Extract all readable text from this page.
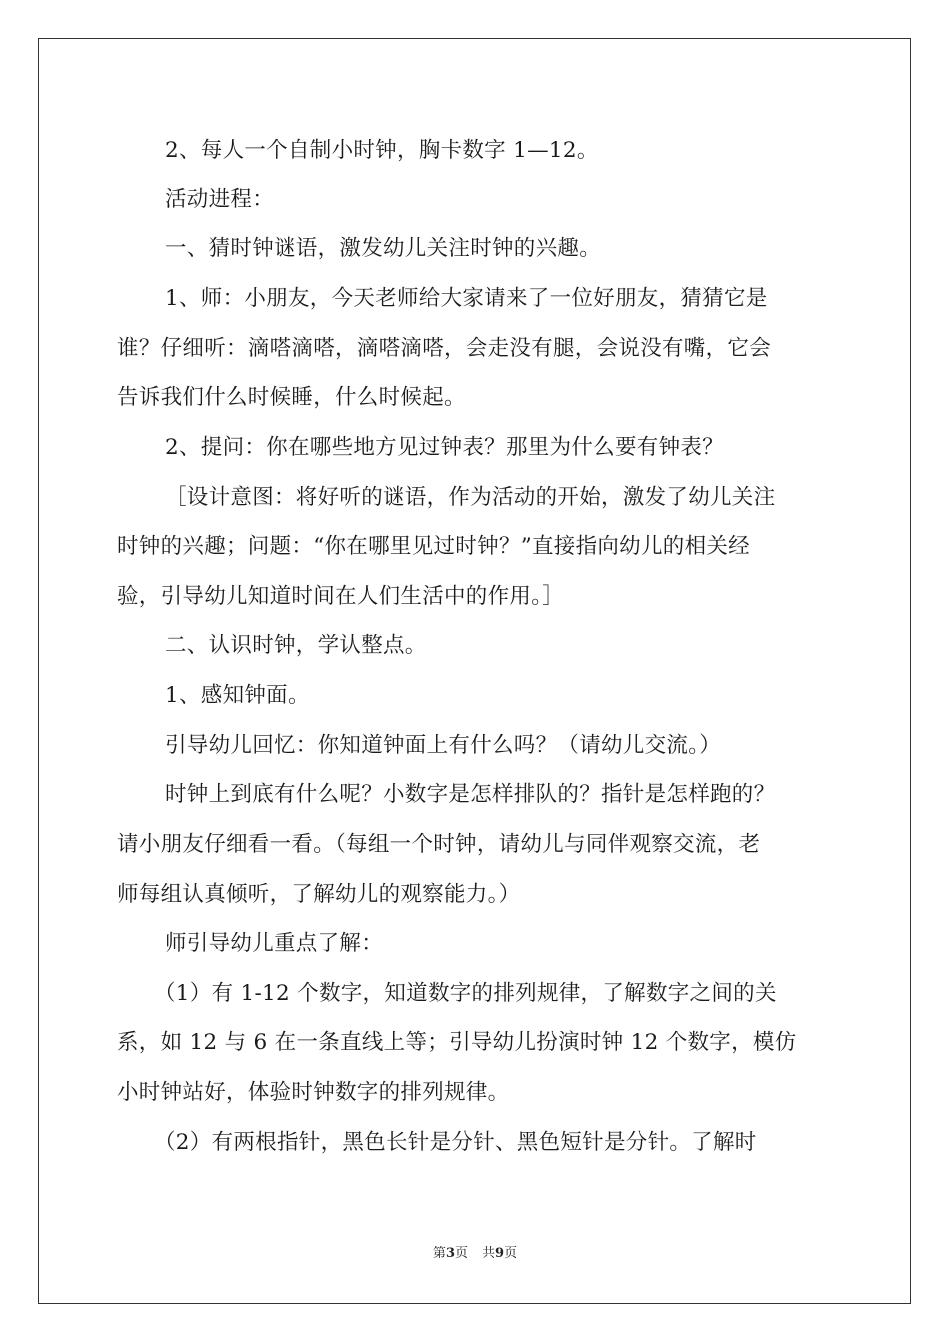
2、每人一个自制小时钟，胸卡数字 1—12。
活动进程：
一、猜时钟谜语，激发幼儿关注时钟的兴趣。
1、师：小朋友，今天老师给大家请来了一位好朋友，猜猜它是
谁？仔细听：滴嗒滴嗒，滴嗒滴嗒，会走没有腿，会说没有嘴，它会
告诉我们什么时候睡，什么时候起。
2、提问：你在哪些地方见过钟表？那里为什么要有钟表？
［设计意图：将好听的谜语，作为活动的开始，激发了幼儿关注
时钟的兴趣；问题：“你在哪里见过时钟？”直接指向幼儿的相关经
验，引导幼儿知道时间在人们生活中的作用。］
二、认识时钟，学认整点。
1、感知钟面。
引导幼儿回忆：你知道钟面上有什么吗？（请幼儿交流。）
时钟上到底有什么呢？小数字是怎样排队的？指针是怎样跑的？
请小朋友仔细看一看。（每组一个时钟，请幼儿与同伴观察交流，老
师每组认真倾听，了解幼儿的观察能力。）
师引导幼儿重点了解：
（1）有 1-12 个数字，知道数字的排列规律，了解数字之间的关
系，如 12 与 6 在一条直线上等；引导幼儿扮演时钟 12 个数字，模仿
小时钟站好，体验时钟数字的排列规律。
（2）有两根指针，黑色长针是分针、黑色短针是分针。了解时
第3页 共9页
